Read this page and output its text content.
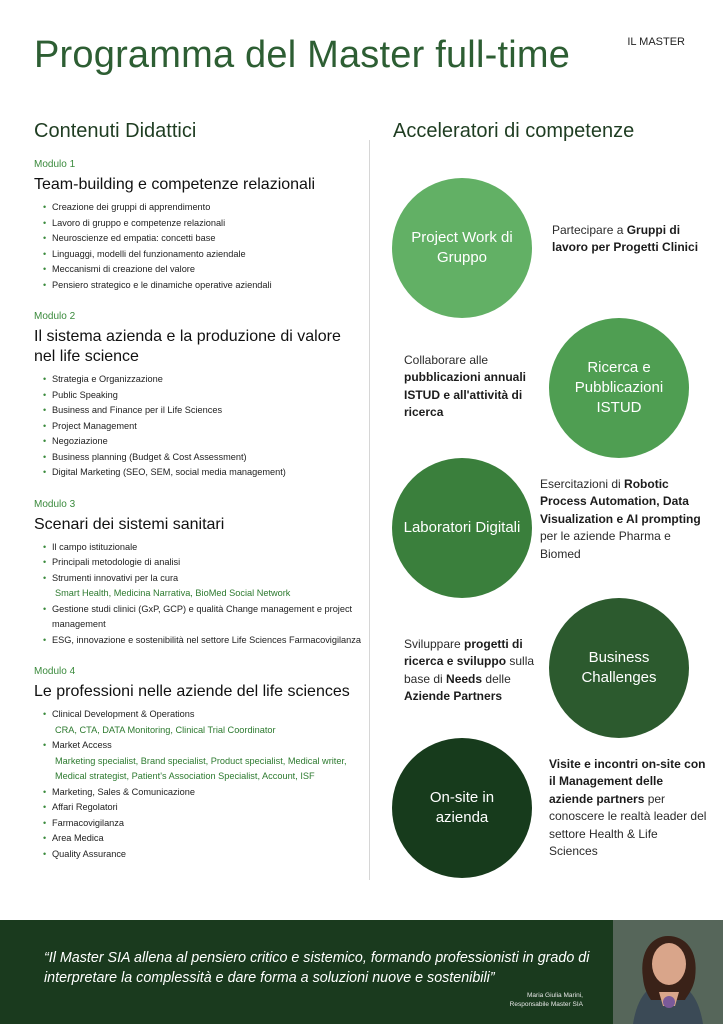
Programma del Master full-time	IL MASTER
Contenuti Didattici
Modulo 1
Team-building e competenze relazionali
• Creazione dei gruppi di apprendimento
• Lavoro di gruppo e competenze relazionali
• Neuroscienze ed empatia: concetti base
• Linguaggi, modelli del funzionamento aziendale
• Meccanismi di creazione del valore
• Pensiero strategico e le dinamiche operative aziendali
Modulo 2
Il sistema azienda e la produzione di valore nel life science
• Strategia e Organizzazione
• Public Speaking
• Business and Finance per il Life Sciences
• Project Management
• Negoziazione
• Business planning (Budget & Cost Assessment)
• Digital Marketing (SEO, SEM, social media management)
Modulo 3
Scenari dei sistemi sanitari
• Il campo istituzionale
• Principali metodologie di analisi
• Strumenti innovativi per la cura
Smart Health, Medicina Narrativa, BioMed Social Network
• Gestione studi clinici (GxP, GCP) e qualità Change management e project management
• ESG, innovazione e sostenibilità nel settore Life Sciences Farmacovigilanza
Modulo 4
Le professioni nelle aziende del life sciences
• Clinical Development & Operations
CRA, CTA, DATA Monitoring, Clinical Trial Coordinator
• Market Access
Marketing specialist, Brand specialist, Product specialist, Medical writer, Medical strategist, Patient's Association Specialist, Account, ISF
• Marketing, Sales & Comunicazione
• Affari Regolatori
• Farmacovigilanza
• Area Medica
• Quality Assurance
Acceleratori di competenze
Project Work di Gruppo
Partecipare a Gruppi di lavoro per Progetti Clinici
Ricerca e Pubblicazioni ISTUD
Collaborare alle pubblicazioni annuali ISTUD e all'attività di ricerca
Laboratori Digitali
Esercitazioni di Robotic Process Automation, Data Visualization e AI prompting per le aziende Pharma e Biomed
Business Challenges
Sviluppare progetti di ricerca e sviluppo sulla base di Needs delle Aziende Partners
On-site in azienda
Visite e incontri on-site con il Management delle aziende partners per conoscere le realtà leader del settore Health & Life Sciences
“Il Master SIA allena al pensiero critico e sistemico, formando professionisti in grado di interpretare la complessità e dare forma a soluzioni nuove e sostenibili”
Maria Giulia Marini,
Responsabile Master SIA
